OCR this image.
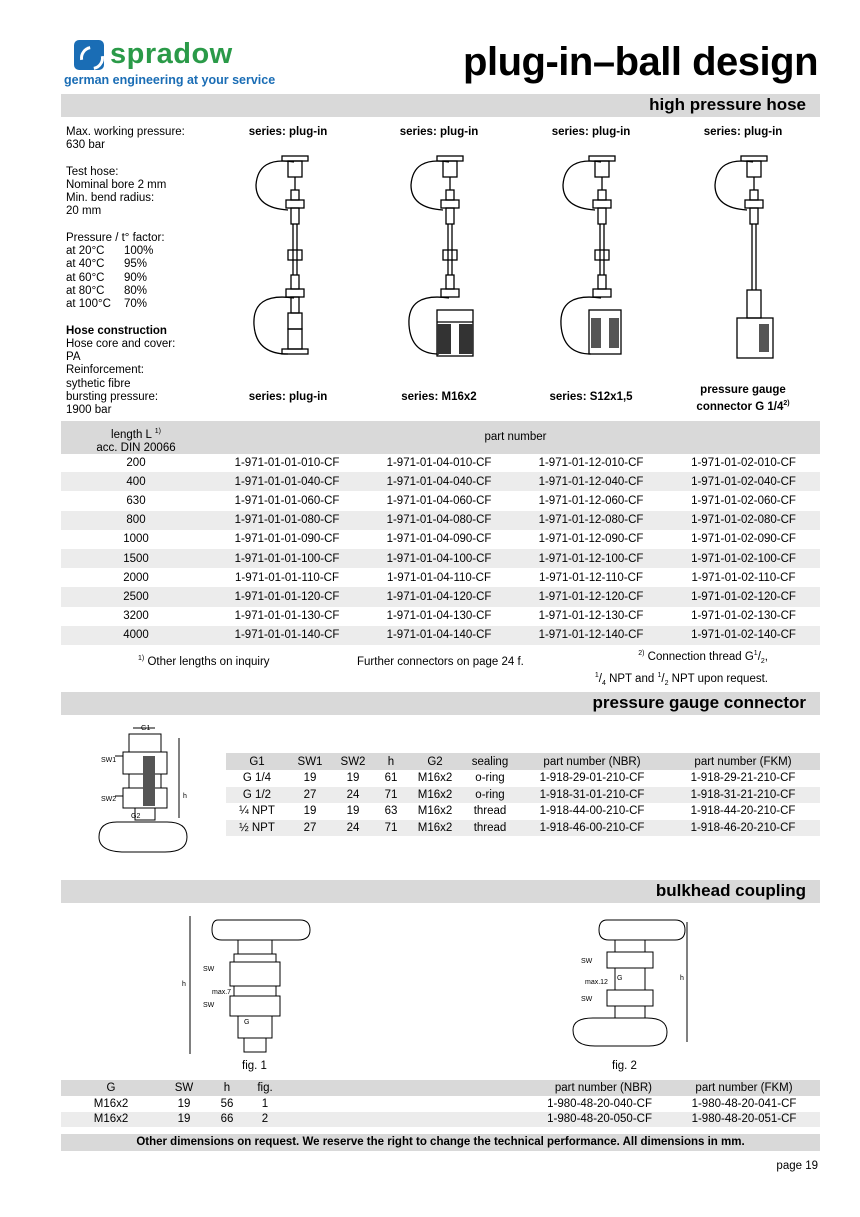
spradow
german engineering at your service	plug-in–ball design
high pressure hose
Max. working pressure:
630 bar
Test hose:
Nominal bore 2 mm
Min. bend radius:
20 mm
Pressure / t° factor:
at 20°C	100%
at 40°C	95%
at 60°C	90%
at 80°C	80%
at 100°C	70%
Hose construction
Hose core and cover:
PA
Reinforcement:
sythetic fibre
bursting pressure:
1900 bar
series: plug-in	series: plug-in	series: plug-in	series: plug-in
series: plug-in	series: M16x2	series: S12x1,5
pressure gauge
connector G 1/4$^{2)}$
length L $^{1)}$
acc. DIN 20066
part number
200	1-971-01-01-010-CF	1-971-01-04-010-CF	1-971-01-12-010-CF	1-971-01-02-010-CF
400	1-971-01-01-040-CF	1-971-01-04-040-CF	1-971-01-12-040-CF	1-971-01-02-040-CF
630	1-971-01-01-060-CF	1-971-01-04-060-CF	1-971-01-12-060-CF	1-971-01-02-060-CF
800	1-971-01-01-080-CF	1-971-01-04-080-CF	1-971-01-12-080-CF	1-971-01-02-080-CF
1000	1-971-01-01-090-CF	1-971-01-04-090-CF	1-971-01-12-090-CF	1-971-01-02-090-CF
1500	1-971-01-01-100-CF	1-971-01-04-100-CF	1-971-01-12-100-CF	1-971-01-02-100-CF
2000	1-971-01-01-110-CF	1-971-01-04-110-CF	1-971-01-12-110-CF	1-971-01-02-110-CF
2500	1-971-01-01-120-CF	1-971-01-04-120-CF	1-971-01-12-120-CF	1-971-01-02-120-CF
3200	1-971-01-01-130-CF	1-971-01-04-130-CF	1-971-01-12-130-CF	1-971-01-02-130-CF
4000	1-971-01-01-140-CF	1-971-01-04-140-CF	1-971-01-12-140-CF	1-971-01-02-140-CF
$^{1)}$ Other lengths on inquiry	Further connectors on page 24 f.
$^{2)}$ Connection thread $G^1/_2$,
$^1/_4$ NPT and $^1/_2$ NPT upon request.
pressure gauge connector
G1
SW1
SW2
G2
h
G1	SW1	SW2	h	G2	sealing	part number (NBR)	part number (FKM)
G 1/4	19	19	61	M16x2	o-ring	1-918-29-01-210-CF	1-918-29-21-210-CF
G 1/2	27	24	71	M16x2	o-ring	1-918-31-01-210-CF	1-918-31-21-210-CF
¼ NPT	19	19	63	M16x2	thread	1-918-44-00-210-CF	1-918-44-20-210-CF
½ NPT	27	24	71	M16x2	thread	1-918-46-00-210-CF	1-918-46-20-210-CF
bulkhead coupling
h
SW
SW
max.7
G
fig. 1
SW
SW
max.12
G	h
fig. 2
G	SW	h	fig.	part number (NBR)	part number (FKM)
M16x2	19	56	1	1-980-48-20-040-CF	1-980-48-20-041-CF
M16x2	19	66	2	1-980-48-20-050-CF	1-980-48-20-051-CF
Other dimensions on request. We reserve the right to change the technical performance. All dimensions in mm.
page 19
